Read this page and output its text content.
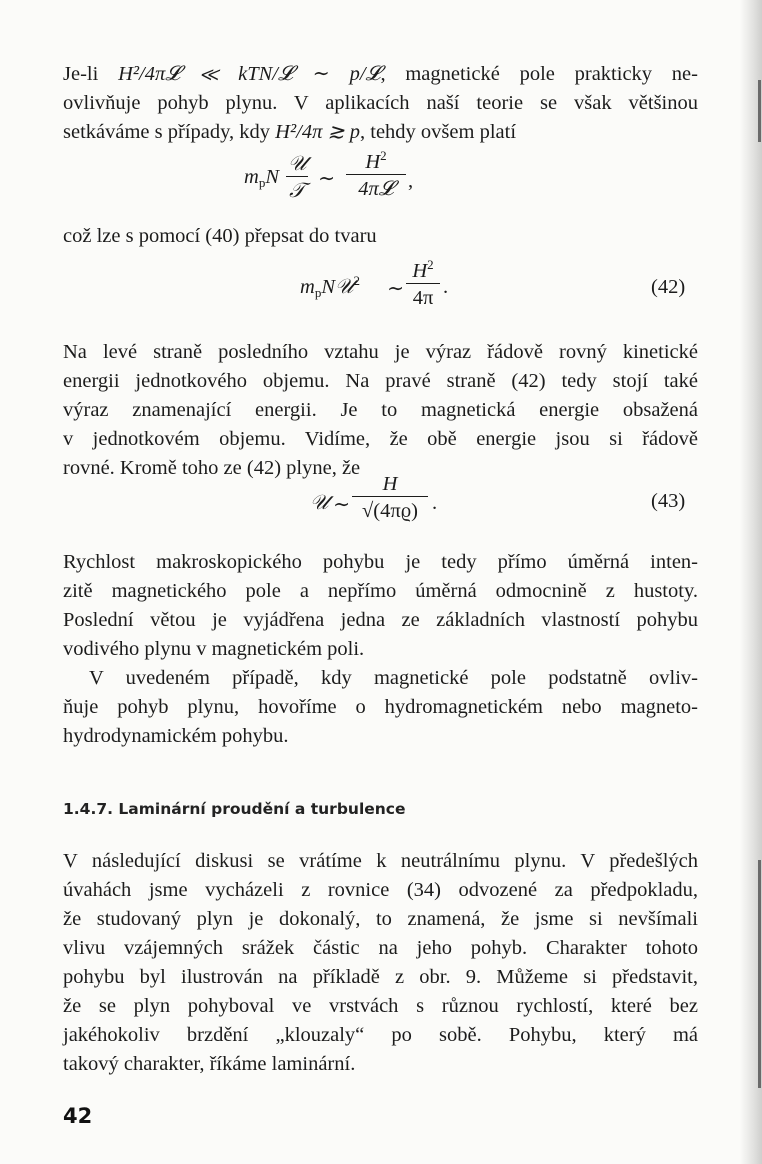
Je-li H²/4π𝓛 ≪ kTN/𝓛 ∼ p/𝓛, magnetické pole prakticky ne-
ovlivňuje pohyb plynu. V aplikacích naší teorie se však většinou
setkáváme s případy, kdy H²/4π ≳ p, tehdy ovšem platí
$m_pN$
𝒰
𝒯
∼
$H^2$
4π𝓛 ,
což lze s pomocí (40) přepsat do tvaru
$m_pN𝒰^2$ ∼ $\frac{H^2}{4\pi}$ .	(42)
Na levé straně posledního vztahu je výraz řádově rovný kinetické
energii jednotkového objemu. Na pravé straně (42) tedy stojí také
výraz znamenající energii. Je to magnetická energie obsažená
v jednotkovém objemu. Vidíme, že obě energie jsou si řádově
rovné. Kromě toho ze (42) plyne, že
𝒰 ∼ $\frac{H}{√(4\pi ϱ)}$ .	(43)
Rychlost makroskopického pohybu je tedy přímo úměrná inten-
zitě magnetického pole a nepřímo úměrná odmocnině z hustoty.
Poslední větou je vyjádřena jedna ze základních vlastností pohybu
vodivého plynu v magnetickém poli.
V uvedeném případě, kdy magnetické pole podstatně ovliv-
ňuje pohyb plynu, hovoříme o hydromagnetickém nebo magneto-
hydrodynamickém pohybu.
1.4.7. Laminární proudění a turbulence
V následující diskusi se vrátíme k neutrálnímu plynu. V předešlých
úvahách jsme vycházeli z rovnice (34) odvozené za předpokladu,
že studovaný plyn je dokonalý, to znamená, že jsme si nevšímali
vlivu vzájemných srážek částic na jeho pohyb. Charakter tohoto
pohybu byl ilustrován na příkladě z obr. 9. Můžeme si představit,
že se plyn pohyboval ve vrstvách s různou rychlostí, které bez
jakéhokoliv brzdění „klouzaly“ po sobě. Pohybu, který má
takový charakter, říkáme laminární.
42
